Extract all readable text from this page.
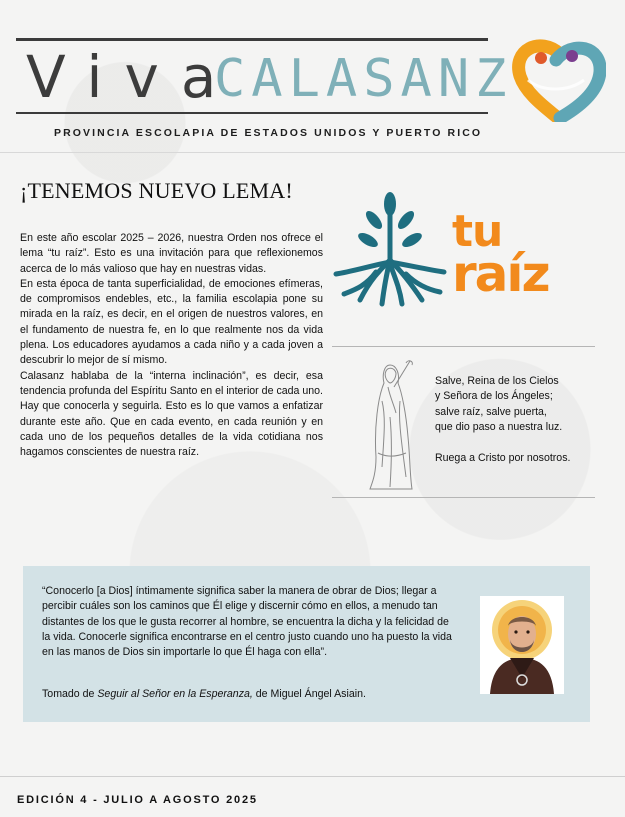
Viva
CALASANZ
PROVINCIA ESCOLAPIA DE ESTADOS UNIDOS Y PUERTO RICO
¡TENEMOS NUEVO LEMA!

En este año escolar 2025 – 2026, nuestra Orden nos ofrece el lema “tu raíz”. Esto es una invitación para que reflexionemos acerca de lo más valioso que hay en nuestras vidas.

En esta época de tanta superficialidad, de emociones efímeras, de compromisos endebles, etc., la familia escolapia pone su mirada en la raíz, es decir, en el origen de nuestros valores, en el fundamento de nuestra fe, en lo que realmente nos da vida plena. Los educadores ayudamos a cada niño y a cada joven a descubrir lo mejor de sí mismo.

Calasanz hablaba de la “interna inclinación”, es decir, esa tendencia profunda del Espíritu Santo en el interior de cada uno. Hay que conocerla y seguirla. Esto es lo que vamos a enfatizar durante este año. Que en cada evento, en cada reunión y en cada uno de los pequeños detalles de la vida cotidiana nos hagamos conscientes de nuestra raíz.

tu
raíz
Salve, Reina de los Cielos
y Señora de los Ángeles;
salve raíz, salve puerta,
que dio paso a nuestra luz.
Ruega a Cristo por nosotros.
“Conocerlo [a Dios] íntimamente significa saber la manera de obrar de Dios; llegar a percibir cuáles son los caminos que Él elige y discernir cómo en ellos, a menudo tan distantes de los que le gusta recorrer al hombre, se encuentra la dicha y la felicidad de la vida. Conocerle significa encontrarse en el centro justo cuando uno ha puesto la vida en las manos de Dios sin importarle lo que Él haga con ella”.
Tomado de Seguir al Señor en la Esperanza, de Miguel Ángel Asiain.
EDICIÓN 4 - JULIO A AGOSTO 2025
